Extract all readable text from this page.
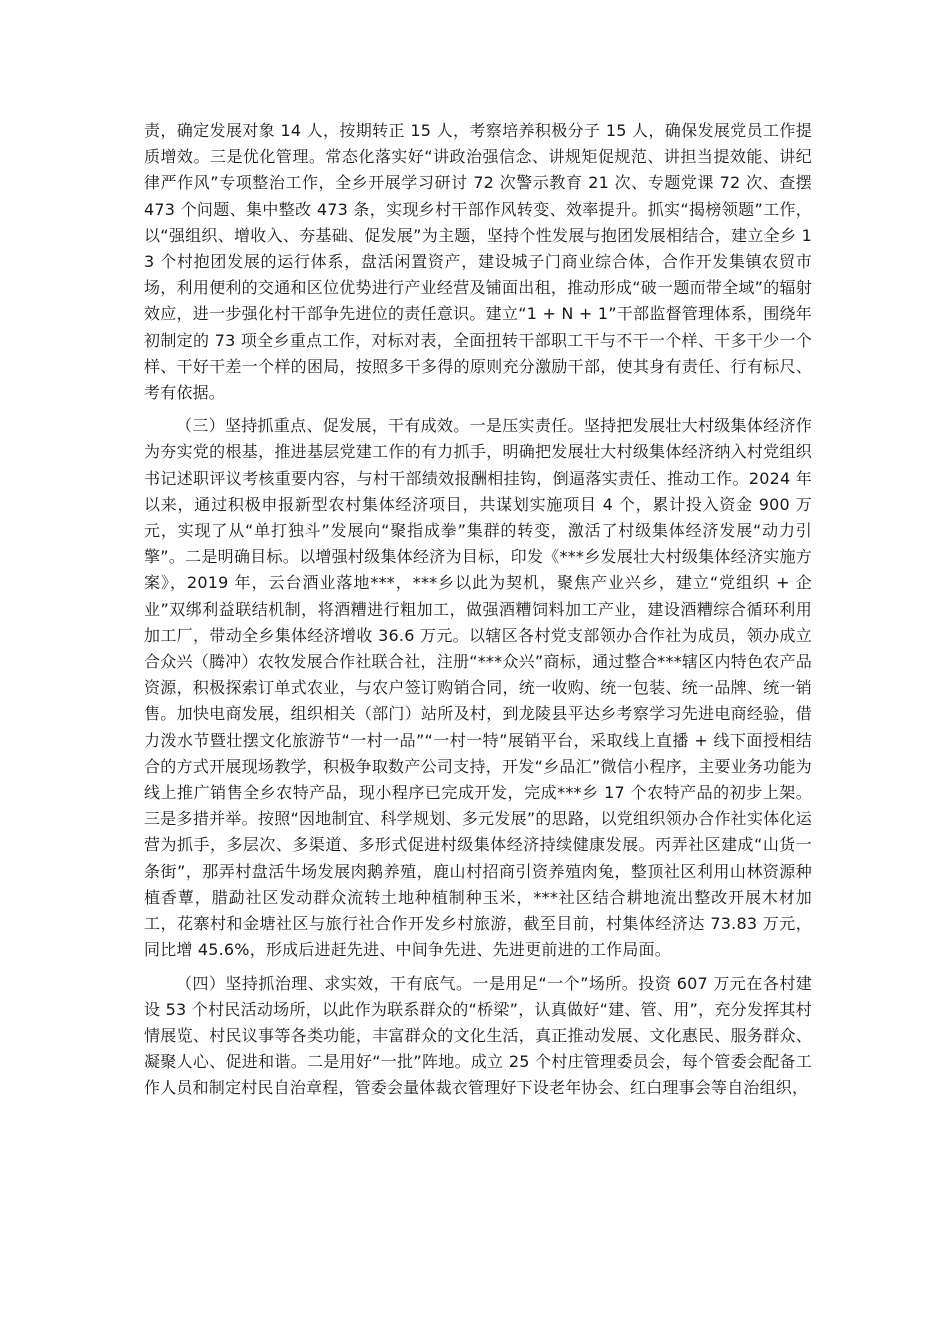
责，确定发展对象 14 人，按期转正 15 人，考察培养积极分子 15 人，确保发展党员工作提质增效。三是优化管理。常态化落实好“讲政治强信念、讲规矩促规范、讲担当提效能、讲纪律严作风”专项整治工作，全乡开展学习研讨 72 次警示教育 21 次、专题党课 72 次、查摆 473 个问题、集中整改 473 条，实现乡村干部作风转变、效率提升。抓实“揭榜领题”工作，以“强组织、增收入、夯基础、促发展”为主题，坚持个性发展与抱团发展相结合，建立全乡 13 个村抱团发展的运行体系，盘活闲置资产，建设城子门商业综合体，合作开发集镇农贸市场，利用便利的交通和区位优势进行产业经营及铺面出租，推动形成“破一题而带全域”的辐射效应，进一步强化村干部争先进位的责任意识。建立“1 + N + 1”干部监督管理体系，围绕年初制定的 73 项全乡重点工作，对标对表，全面扭转干部职工干与不干一个样、干多干少一个样、干好干差一个样的困局，按照多干多得的原则充分激励干部，使其身有责任、行有标尺、考有依据。

（三）坚持抓重点、促发展，干有成效。一是压实责任。坚持把发展壮大村级集体经济作为夯实党的根基，推进基层党建工作的有力抓手，明确把发展壮大村级集体经济纳入村党组织书记述职评议考核重要内容，与村干部绩效报酬相挂钩，倒逼落实责任、推动工作。2024 年以来，通过积极申报新型农村集体经济项目，共谋划实施项目 4 个，累计投入资金 900 万元，实现了从“单打独斗”发展向“聚指成拳”集群的转变，激活了村级集体经济发展“动力引擎”。二是明确目标。以增强村级集体经济为目标，印发《***乡发展壮大村级集体经济实施方案》，2019 年，云台酒业落地***，***乡以此为契机，聚焦产业兴乡，建立“党组织 + 企业”双绑利益联结机制，将酒糟进行粗加工，做强酒糟饲料加工产业，建设酒糟综合循环利用加工厂，带动全乡集体经济增收 36.6 万元。以辖区各村党支部领办合作社为成员，领办成立合众兴（腾冲）农牧发展合作社联合社，注册“***众兴”商标，通过整合***辖区内特色农产品资源，积极探索订单式农业，与农户签订购销合同，统一收购、统一包装、统一品牌、统一销售。加快电商发展，组织相关（部门）站所及村，到龙陵县平达乡考察学习先进电商经验，借力泼水节暨壮摆文化旅游节“一村一品”“一村一特”展销平台，采取线上直播 + 线下面授相结合的方式开展现场教学，积极争取数产公司支持，开发“乡品汇”微信小程序，主要业务功能为线上推广销售全乡农特产品，现小程序已完成开发，完成***乡 17 个农特产品的初步上架。三是多措并举。按照“因地制宜、科学规划、多元发展”的思路，以党组织领办合作社实体化运营为抓手，多层次、多渠道、多形式促进村级集体经济持续健康发展。丙弄社区建成“山货一条街”，那弄村盘活牛场发展肉鹅养殖，鹿山村招商引资养殖肉兔，整顶社区利用山林资源种植香蕈，腊勐社区发动群众流转土地种植制种玉米，***社区结合耕地流出整改开展木材加工，花寨村和金塘社区与旅行社合作开发乡村旅游，截至目前，村集体经济达 73.83 万元，同比增 45.6%，形成后进赶先进、中间争先进、先进更前进的工作局面。

（四）坚持抓治理、求实效，干有底气。一是用足“一个”场所。投资 607 万元在各村建设 53 个村民活动场所，以此作为联系群众的“桥梁”，认真做好“建、管、用”，充分发挥其村情展览、村民议事等各类功能，丰富群众的文化生活，真正推动发展、文化惠民、服务群众、凝聚人心、促进和谐。二是用好“一批”阵地。成立 25 个村庄管理委员会，每个管委会配备工作人员和制定村民自治章程，管委会量体裁衣管理好下设老年协会、红白理事会等自治组织，
